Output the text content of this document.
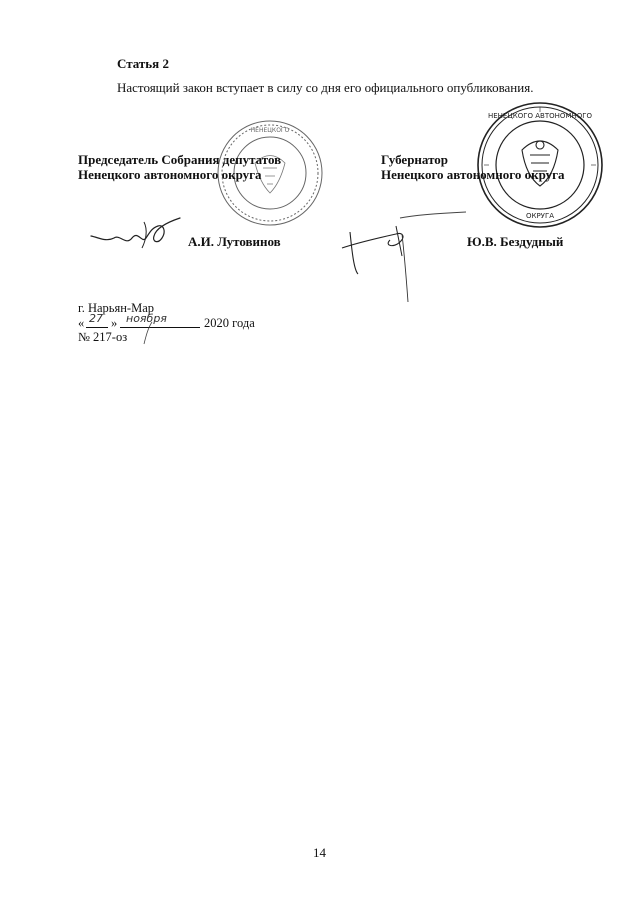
Статья 2
Настоящий закон вступает в силу со дня его официального опубликования.
НЕНЕЦКОГО
НЕНЕЦКОГО АВТОНОМНОГО
ОКРУГА
Председатель Собрания депутатов
Ненецкого автономного округа
Губернатор
Ненецкого автономного округа
А.И. Лутовинов	Ю.В. Бездудный
г. Нарьян-Мар
« 27 » ноября	2020 года
№ 217-оз
14
